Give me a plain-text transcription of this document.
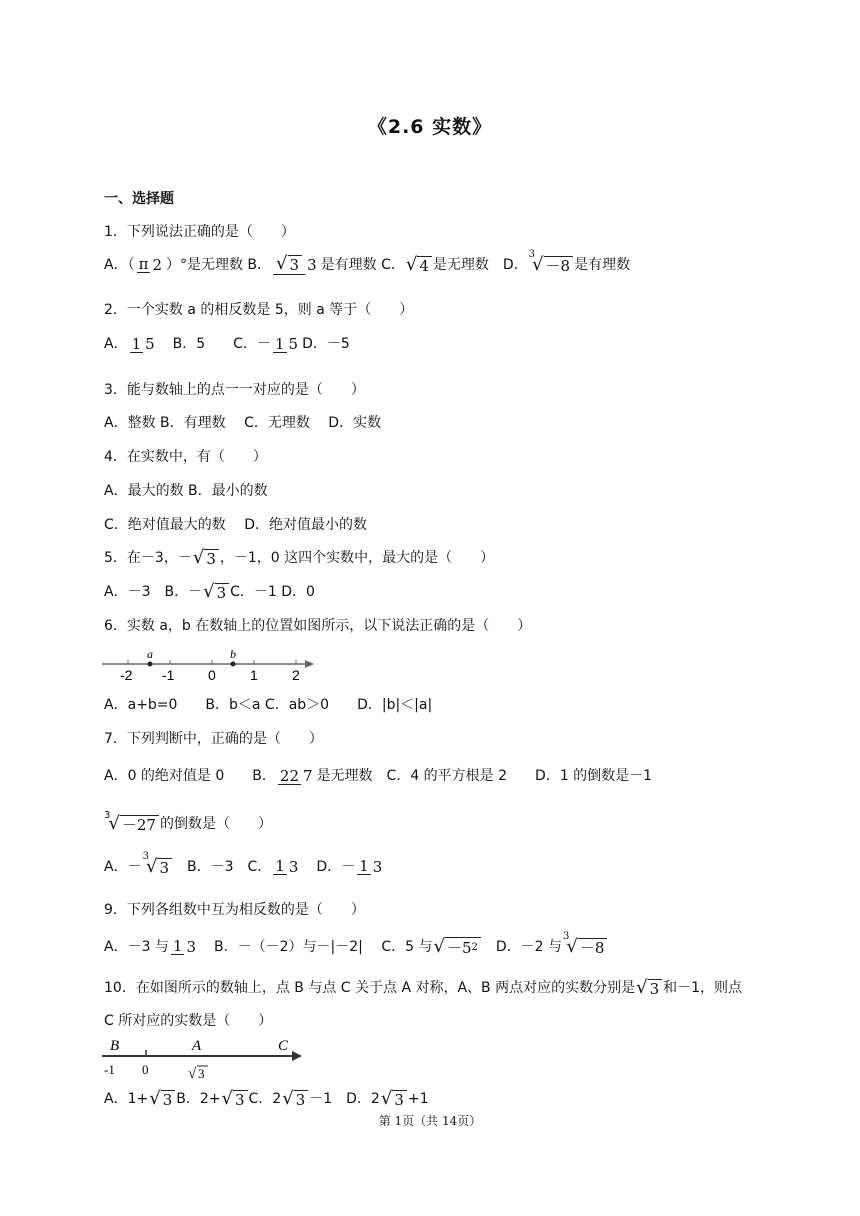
《2.6 实数》
一、选择题
1．下列说法正确的是（　　）
A．（ π 2 ）°是无理数 B． √ 3 3 是有理数 C．√ 4 是无理数　D．3√ －8 是有理数
2．一个实数 a 的相反数是 5，则 a 等于（　　）
A． 1 5　B．5　　C．－ 1 5D．－5
3．能与数轴上的点一一对应的是（　　）
A．整数 B．有理数　 C．无理数　 D．实数
4．在实数中，有（　　）
A．最大的数 B．最小的数
C．绝对值最大的数　 D．绝对值最小的数
5．在－3，－√ 3 ，－1，0 这四个实数中，最大的是（　　）
A．－3　B．－√ 3 C．－1 D．0
6．实数 a，b 在数轴上的位置如图所示，以下说法正确的是（　　）
a	b
-2 -1 0 1 2
A．a+b=0　　B．b＜a C．ab＞0　　D．|b|＜|a|
7．下列判断中，正确的是（　　）
A．0 的绝对值是 0　　B． 22 7 是无理数　C．4 的平方根是 2　　D．1 的倒数是－1
3√ －27 的倒数是（　　）
A．－3√ 3　B．－3　C． 1 3　D．－ 1 3
9．下列各组数中互为相反数的是（　　）
A．－3 与 1 3　B．－（－2）与－|－2|　 C．5 与√ －52　D．－2 与3√ －8
10．在如图所示的数轴上，点 B 与点 C 关于点 A 对称，A、B 两点对应的实数分别是√ 3 和－1，则点
C 所对应的实数是（　　）
B	A	C
-1 0	√ 3
A．1+√ 3 B．2+√ 3 C．2√ 3 －1　D．2√ 3 +1
第 1页（共 14页）
